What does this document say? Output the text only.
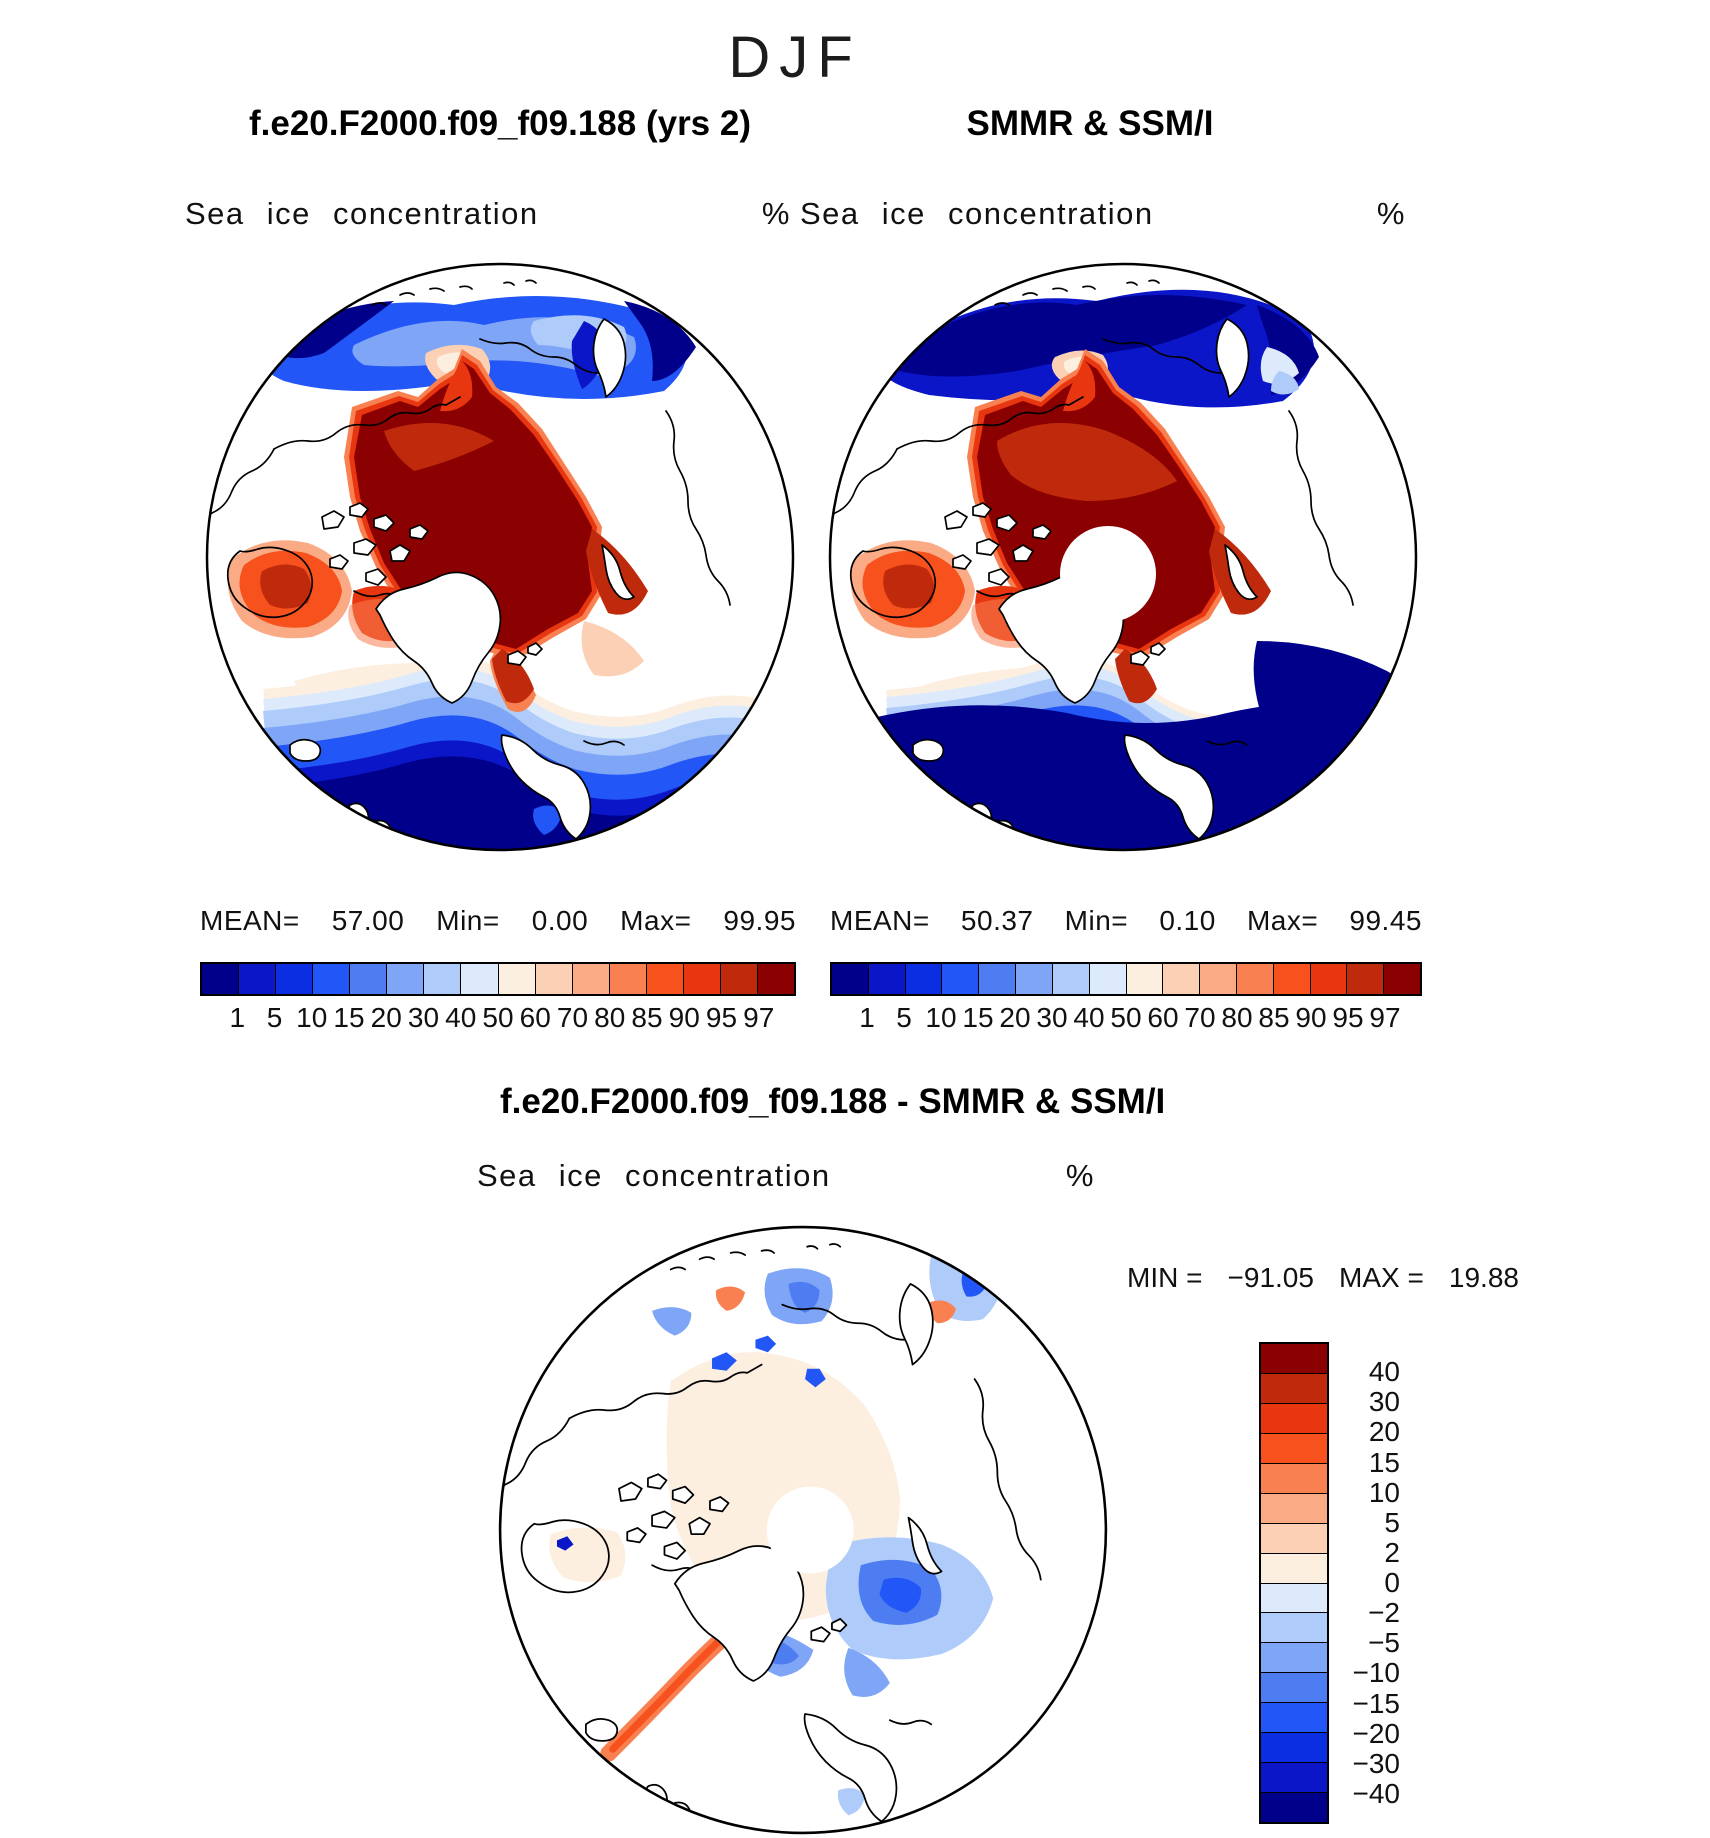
DJF
f.e20.F2000.f09_f09.188 (yrs 2)	SMMR & SSM/I
Sea ice concentration	% Sea ice concentration	%
MEAN= 57.00 Min= 0.00 Max= 99.95 MEAN= 50.37 Min= 0.10 Max= 99.45
1 5 10 15 20 30 40 50 60 70 80 85 90 95 97	1 5 10 15 20 30 40 50 60 70 80 85 90 95 97
f.e20.F2000.f09_f09.188 - SMMR & SSM/I
Sea ice concentration	%
MIN = −91.05 MAX = 19.88
40
30
20
15
10
5
2
0
−2
−5
−10
−15
−20
−30
−40
